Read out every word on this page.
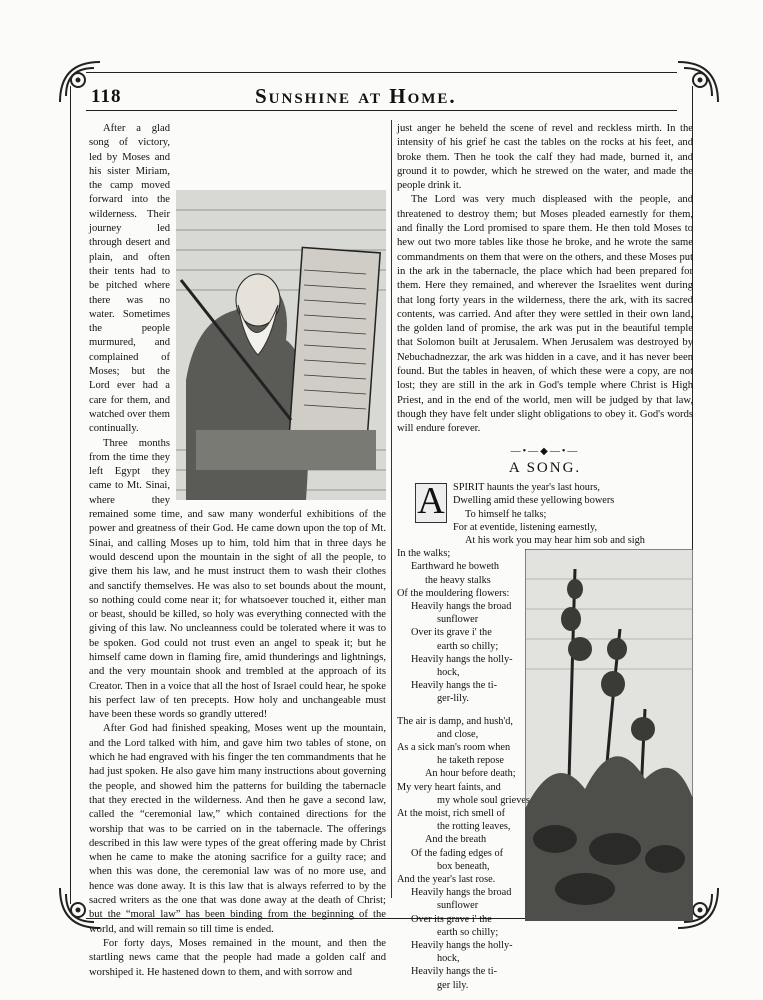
118	Sunshine at Home.

After a glad song of victory, led by Moses and his sister Miriam, the camp moved forward into the wilderness. Their journey led through desert and plain, and often their tents had to be pitched where there was no water. Sometimes the people murmured, and complained of Moses; but the Lord ever had a care for them, and watched over them continually.

Three months from the time they left Egypt they came to Mt. Sinai, where they remained some time, and saw many wonderful exhibitions of the power and greatness of their God. He came down upon the top of Mt. Sinai, and calling Moses up to him, told him that in three days he would descend upon the mountain in the sight of all the people, to give them his law, and he must instruct them to wash their clothes and sanctify themselves. He was also to set bounds about the mount, so nothing could come near it; for whatsoever touched it, either man or beast, should be killed, so holy was everything connected with the giving of this law. No uncleanness could be tolerated where it was to be spoken. God could not trust even an angel to speak it; but he himself came down in flaming fire, amid thunderings and lightnings, and the very mountain shook and trembled at the approach of its Creator. Then in a voice that all the host of Israel could hear, he spoke his perfect law of ten precepts. How holy and unchangeable must have been these words so grandly uttered!

After God had finished speaking, Moses went up the mountain, and the Lord talked with him, and gave him two tables of stone, on which he had engraved with his finger the ten commandments that he had just spoken. He also gave him many instructions about governing the people, and showed him the patterns for building the tabernacle that they erected in the wilderness. And then he gave a second law, called the “ceremonial law,” which contained directions for the worship that was to be carried on in the tabernacle. The offerings described in this law were types of the great offering made by Christ when he came to make the atoning sacrifice for a guilty race; and when this was done, the ceremonial law was of no more use, and hence was done away. It is this law that is always referred to by the sacred writers as the one that was done away at the death of Christ; but the “moral law” has been binding from the beginning of the world, and will remain so till time is ended.

For forty days, Moses remained in the mount, and then the startling news came that the people had made a golden calf and worshiped it. He hastened down to them, and with sorrow and

just anger he beheld the scene of revel and reckless mirth. In the intensity of his grief he cast the tables on the rocks at his feet, and broke them. Then he took the calf they had made, burned it, and ground it to powder, which he strewed on the water, and made the people drink it.

The Lord was very much displeased with the people, and threatened to destroy them; but Moses pleaded earnestly for them, and finally the Lord promised to spare them. He then told Moses to hew out two more tables like those he broke, and he wrote the same commandments on them that were on the others, and these Moses put in the ark in the tabernacle, the place which had been prepared for them. Here they remained, and wherever the Israelites went during that long forty years in the wilderness, there the ark, with its sacred contents, was carried. And after they were settled in their own land, the golden land of promise, the ark was put in the beautiful temple that Solomon built at Jerusalem. When Jerusalem was destroyed by Nebuchadnezzar, the ark was hidden in a cave, and it has never been found. But the tables in heaven, of which these were a copy, are not lost; they are still in the ark in God's temple where Christ is High Priest, and in the end of the world, men will be judged by that law, though they have felt under slight obligations to obey it. God's words will endure forever.

—•—◆—•—
A SONG.
A SPIRIT haunts the year's last hours,
Dwelling amid these yellowing bowers
To himself he talks;
For at eventide, listening earnestly,
At his work you may hear him sob and sigh
In the walks;
Earthward he boweth
the heavy stalks
Of the mouldering flowers:
Heavily hangs the broad
sunflower
Over its grave i' the
earth so chilly;
Heavily hangs the holly-
hock,
Heavily hangs the ti-
ger-lily.
The air is damp, and hush'd,
and close,
As a sick man's room when
he taketh repose
An hour before death;
My very heart faints, and
my whole soul grieves
At the moist, rich smell of
the rotting leaves,
And the breath
Of the fading edges of
box beneath,
And the year's last rose.
Heavily hangs the broad
sunflower
Over its grave i' the
earth so chilly;
Heavily hangs the holly-
hock,
Heavily hangs the ti-
ger lily.
